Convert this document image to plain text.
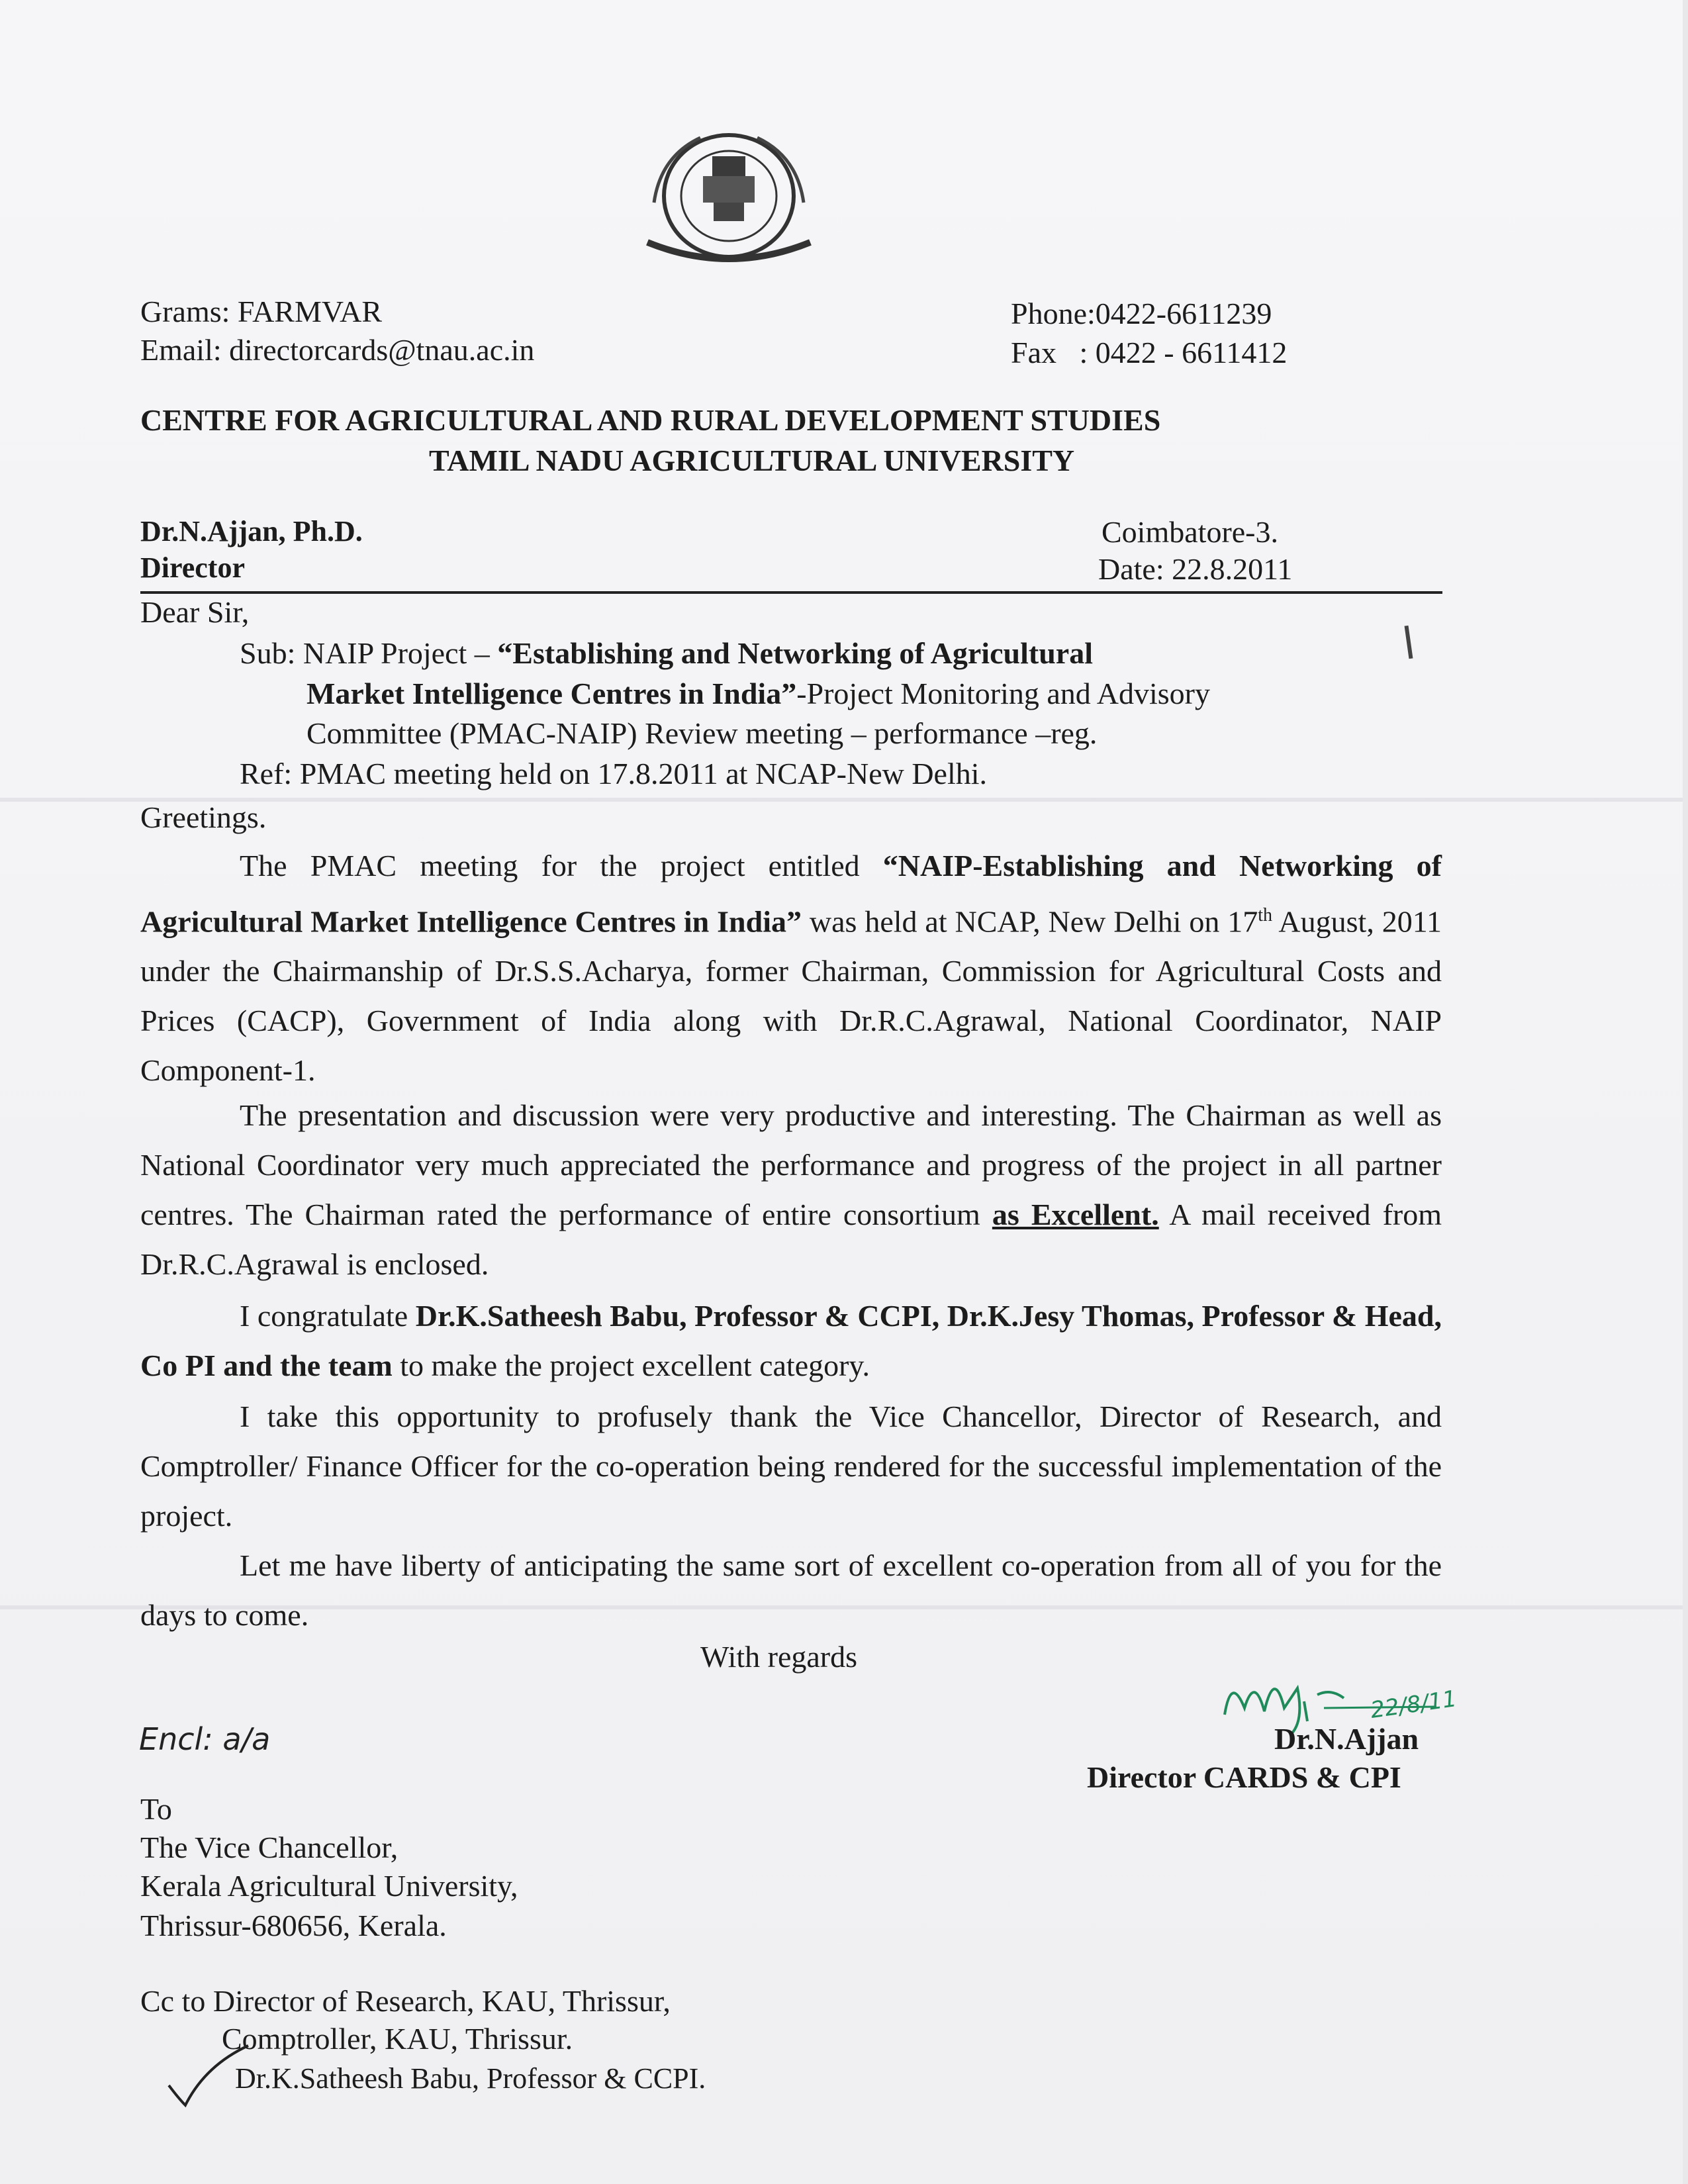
Grams: FARMVAR
Email: directorcards@tnau.ac.in
Phone:0422-6611239
Fax   : 0422 - 6611412
CENTRE FOR AGRICULTURAL AND RURAL DEVELOPMENT STUDIES
TAMIL NADU AGRICULTURAL UNIVERSITY
Dr.N.Ajjan, Ph.D.
Director
Coimbatore-3.
Date: 22.8.2011
Dear Sir,
Sub: NAIP Project – “Establishing and Networking of Agricultural
Market Intelligence Centres in India”-Project Monitoring and Advisory
Committee (PMAC-NAIP) Review meeting – performance –reg.
Ref: PMAC meeting held on 17.8.2011 at NCAP-New Delhi.
Greetings.
The PMAC meeting for the project entitled “NAIP-Establishing and Networking of Agricultural Market Intelligence Centres in India” was held at NCAP, New Delhi on 17th August, 2011 under the Chairmanship of Dr.S.S.Acharya, former Chairman, Commission for Agricultural Costs and Prices (CACP), Government of India along with Dr.R.C.Agrawal, National Coordinator, NAIP Component-1.
The presentation and discussion were very productive and interesting. The Chairman as well as National Coordinator very much appreciated the performance and progress of the project in all partner centres. The Chairman rated the performance of entire consortium as Excellent. A mail received from Dr.R.C.Agrawal is enclosed.
I congratulate Dr.K.Satheesh Babu, Professor & CCPI, Dr.K.Jesy Thomas, Professor & Head, Co PI and the team to make the project excellent category.
I take this opportunity to profusely thank the Vice Chancellor, Director of Research, and Comptroller/ Finance Officer for the co-operation being rendered for the successful implementation of the project.
Let me have liberty of anticipating the same sort of excellent co-operation from all of you for the days to come.
With regards
Encl: a/a
22/8/11
Dr.N.Ajjan
Director CARDS & CPI
To
The Vice Chancellor,
Kerala Agricultural University,
Thrissur-680656, Kerala.
Cc to Director of Research, KAU, Thrissur,
Comptroller, KAU, Thrissur.
Dr.K.Satheesh Babu, Professor & CCPI.
